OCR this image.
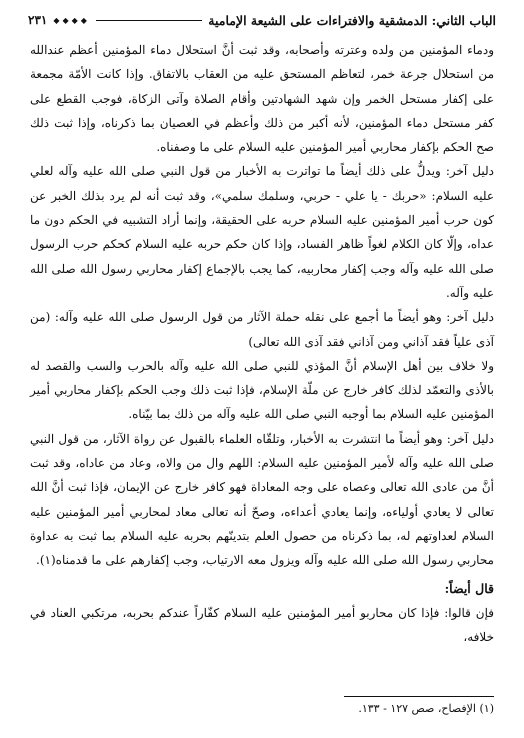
الباب الثاني: الدمشقية والافتراءات على الشيعة الإمامية
◆◆◆◆
٢٣١

ودماء المؤمنين من ولده وعترته وأصحابه، وقد ثبت أنَّ استحلال دماء المؤمنين أعظم عندالله من استحلال جرعة خمر، لتعاظم المستحق عليه من العقاب بالاتفاق. وإذا كانت الأمّة مجمعة على إكفار مستحل الخمر وإن شهد الشهادتين وأقام الصلاة وآتى الزكاة، فوجب القطع على كفر مستحل دماء المؤمنين، لأنه أكبر من ذلك وأعظم في العصيان بما ذكرناه، وإذا ثبت ذلك صح الحكم بإكفار محاربي أمير المؤمنين عليه السلام على ما وصفناه.

دليل آخر: ويدلُّ على ذلك أيضاً ما تواترت به الأخبار من قول النبي صلى الله عليه وآله لعلي عليه السلام: «حربك - يا علي - حربي، وسلمك سلمي»، وقد ثبت أنه لم يرد بذلك الخبر عن كون حرب أمير المؤمنين عليه السلام حربه على الحقيقة، وإنما أراد التشبيه في الحكم دون ما عداه، وإلّا كان الكلام لغواً ظاهر الفساد، وإذا كان حكم حربه عليه السلام كحكم حرب الرسول صلى الله عليه وآله وجب إكفار محاربيه، كما يجب بالإجماع إكفار محاربي رسول الله صلى الله عليه وآله.

دليل آخر: وهو أيضاً ما أجمع على نقله حملة الآثار من قول الرسول صلى الله عليه وآله: (من آذى علياً فقد آذاني ومن آذاني فقد آذى الله تعالى)

ولا خلاف بين أهل الإسلام أنَّ المؤذي للنبي صلى الله عليه وآله بالحرب والسب والقصد له بالأذى والتعمّد لذلك كافر خارج عن ملّة الإسلام، فإذا ثبت ذلك وجب الحكم بإكفار محاربي أمير المؤمنين عليه السلام بما أوجبه النبي صلى الله عليه وآله من ذلك بما بيّناه.

دليل آخر: وهو أيضاً ما انتشرت به الأخبار، وتلقّاه العلماء بالقبول عن رواة الآثار، من قول النبي صلى الله عليه وآله لأمير المؤمنين عليه السلام: اللهم وال من والاه، وعاد من عاداه، وقد ثبت أنَّ من عادى الله تعالى وعصاه على وجه المعاداة فهو كافر خارج عن الإيمان، فإذا ثبت أنَّ الله تعالى لا يعادي أولياءه، وإنما يعادي أعداءه، وصحّ أنه تعالى معاد لمحاربي أمير المؤمنين عليه السلام لعداوتهم له، بما ذكرناه من حصول العلم بتدينّهم بحربه عليه السلام بما ثبت به عداوة محاربي رسول الله صلى الله عليه وآله ويزول معه الارتياب، وجب إكفارهم على ما قدمناه(١).

قال أيضاً:

فإن قالوا: فإذا كان محاربو أمير المؤمنين عليه السلام كفّاراً عندكم بحربه، مرتكبي العناد في خلافه،

(١) الإفصاح، صص ١٢٧ - ١٣٣.
